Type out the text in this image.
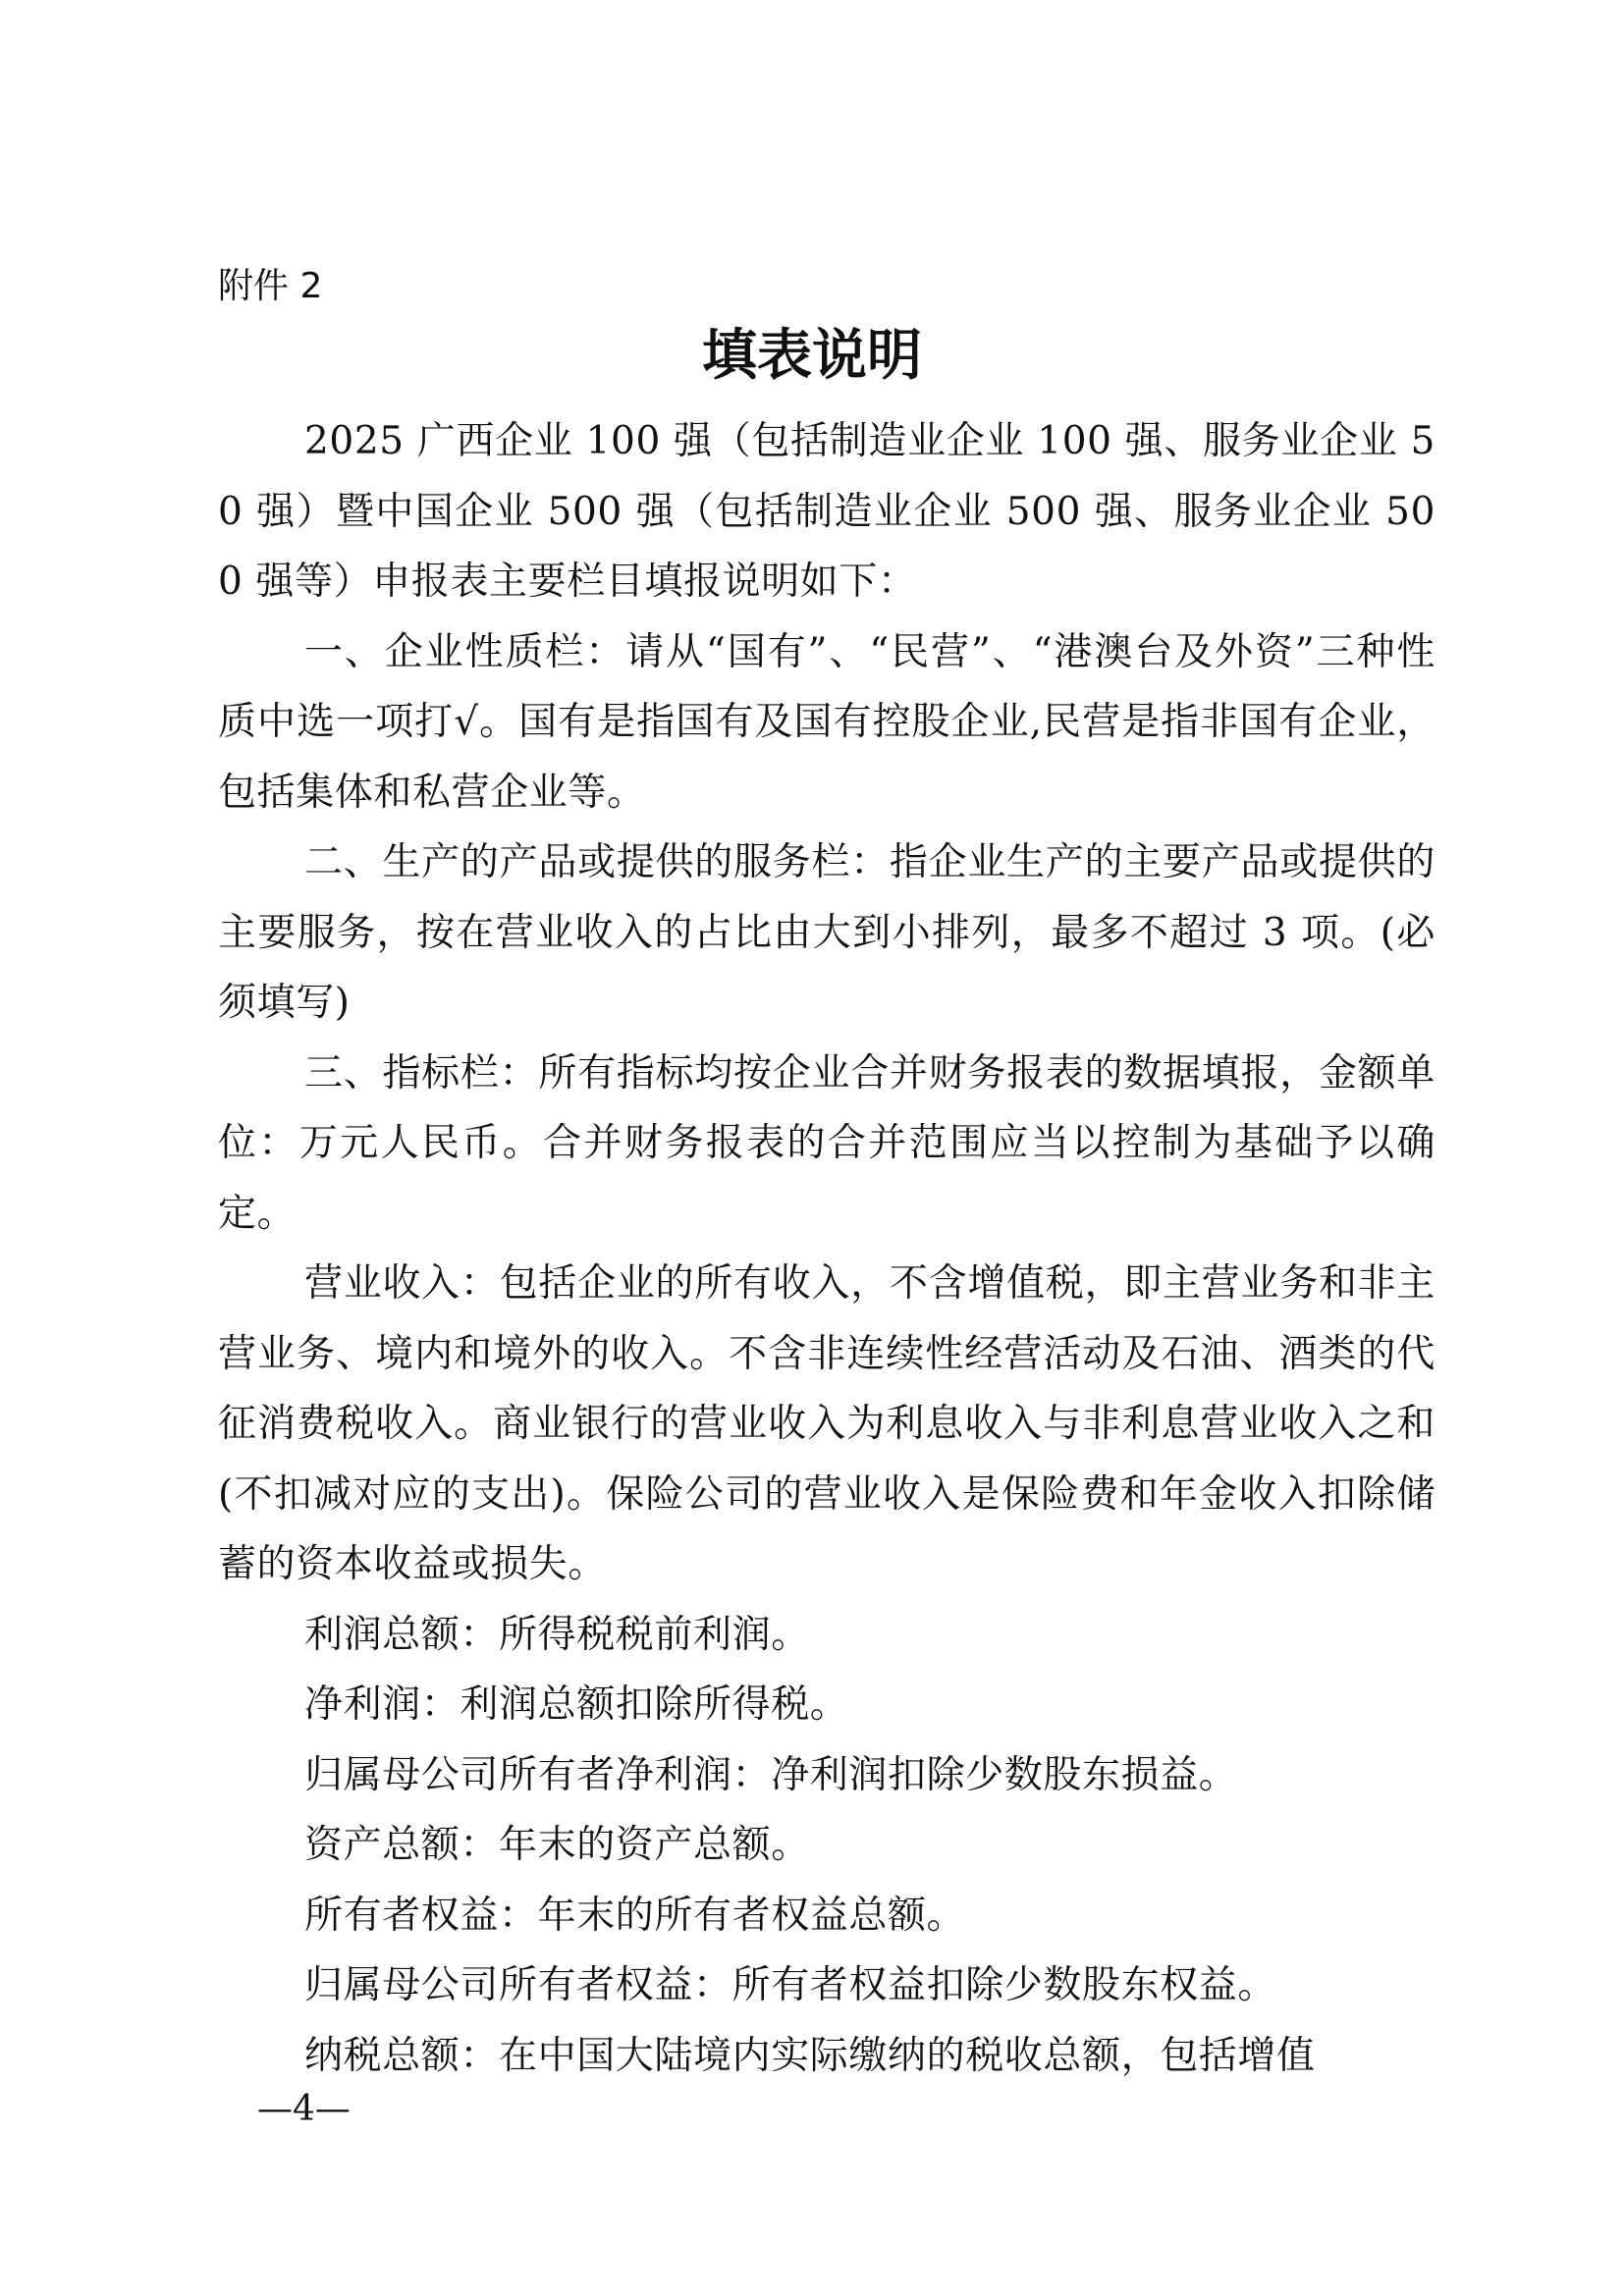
附件 2
填表说明

2025 广西企业 100 强（包括制造业企业 100 强、服务业企业 50 强）暨中国企业 500 强（包括制造业企业 500 强、服务业企业 500 强等）申报表主要栏目填报说明如下：

一、企业性质栏：请从“国有”、“民营”、“港澳台及外资”三种性质中选一项打√。国有是指国有及国有控股企业,民营是指非国有企业，包括集体和私营企业等。

二、生产的产品或提供的服务栏：指企业生产的主要产品或提供的主要服务，按在营业收入的占比由大到小排列，最多不超过 3 项。(必须填写)

三、指标栏：所有指标均按企业合并财务报表的数据填报，金额单位：万元人民币。合并财务报表的合并范围应当以控制为基础予以确定。

营业收入：包括企业的所有收入，不含增值税，即主营业务和非主营业务、境内和境外的收入。不含非连续性经营活动及石油、酒类的代征消费税收入。商业银行的营业收入为利息收入与非利息营业收入之和(不扣减对应的支出)。保险公司的营业收入是保险费和年金收入扣除储蓄的资本收益或损失。

利润总额：所得税税前利润。

净利润：利润总额扣除所得税。

归属母公司所有者净利润：净利润扣除少数股东损益。

资产总额：年末的资产总额。

所有者权益：年末的所有者权益总额。

归属母公司所有者权益：所有者权益扣除少数股东权益。

纳税总额：在中国大陆境内实际缴纳的税收总额，包括增值

—4—
